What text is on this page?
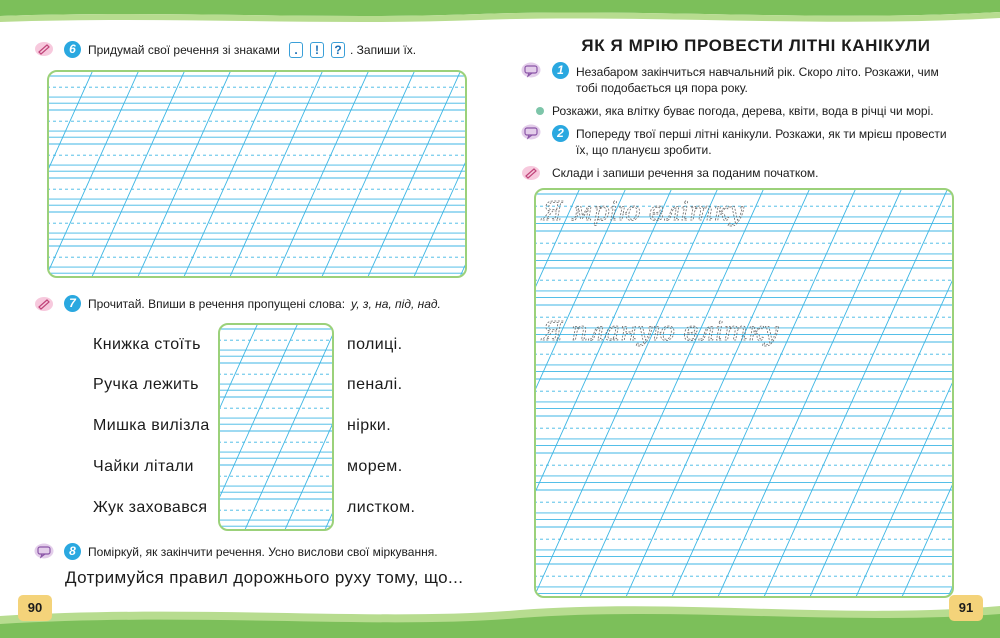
6	Придумай свої речення зі знаками	. ! ? . Запиши їх.
7	Прочитай. Впиши в речення пропущені слова: у, з, на, під, над.
Книжка стоїть	полиці.
Ручка лежить	пеналі.
Мишка вилізла	нірки.
Чайки літали	морем.
Жук заховався	листком.
8	Поміркуй, як закінчити речення. Усно вислови свої міркування.
Дотримуйся правил дорожнього руху тому, що...
90
ЯК Я МРІЮ ПРОВЕСТИ ЛІТНІ КАНІКУЛИ
1	Незабаром закінчиться навчальний рік. Скоро літо. Розкажи, чим
тобі подобається ця пора року.
Розкажи, яка влітку буває погода, дерева, квіти, вода в річці чи морі.
2	Попереду твої перші літні канікули. Розкажи, як ти мрієш провести
їх, що плануєш зробити.
Склади і запиши речення за поданим початком.
Я мрію влітку
Я планую влітку
91
